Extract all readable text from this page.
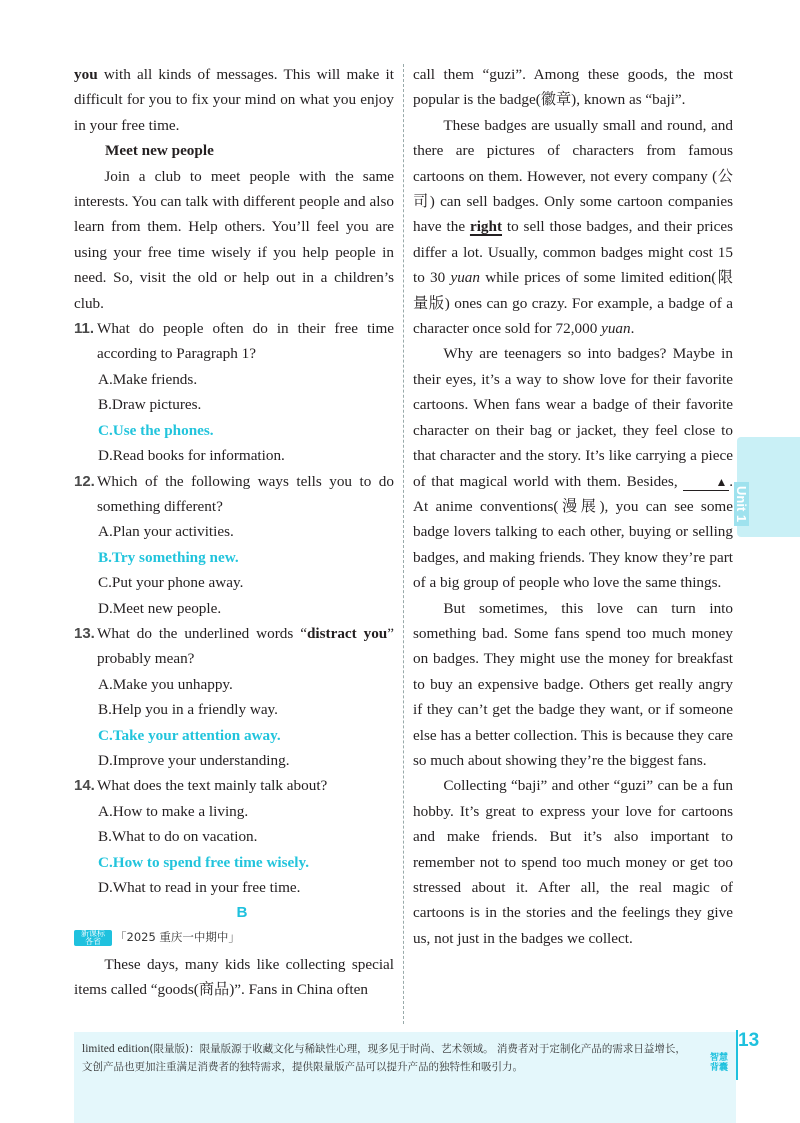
you with all kinds of messages. This will make it difficult for you to fix your mind on what you enjoy in your free time.

Meet new people

Join a club to meet people with the same interests. You can talk with different people and also learn from them. Help others. You’ll feel you are using your free time wisely if you help people in need. So, visit the old or help out in a children’s club.

11. What do people often do in their free time according to Paragraph 1?

A.Make friends.

B.Draw pictures.

C.Use the phones.

D.Read books for information.

12. Which of the following ways tells you to do something different?

A.Plan your activities.

B.Try something new.

C.Put your phone away.

D.Meet new people.

13. What do the underlined words “distract you” probably mean?

A.Make you unhappy.

B.Help you in a friendly way.

C.Take your attention away.

D.Improve your understanding.

14. What does the text mainly talk about?

A.How to make a living.

B.What to do on vacation.

C.How to spend free time wisely.

D.What to read in your free time.

B

新课标
各省	「2025 重庆一中期中」

These days, many kids like collecting special items called “goods(商品)”. Fans in China often

call them “guzi”. Among these goods, the most popular is the badge(徽章), known as “baji”.

These badges are usually small and round, and there are pictures of characters from famous cartoons on them. However, not every company (公司) can sell badges. Only some cartoon companies have the right to sell those badges, and their prices differ a lot. Usually, common badges might cost 15 to 30 yuan while prices of some limited edition(限量版) ones can go crazy. For example, a badge of a character once sold for 72,000 yuan.

Why are teenagers so into badges? Maybe in their eyes, it’s a way to show love for their favorite cartoons. When fans wear a badge of their favorite character on their bag or jacket, they feel close to that character and the story. It’s like carrying a piece of that magical world with them. Besides,	▲ . At anime conventions(漫展), you can see some badge lovers talking to each other, buying or selling badges, and making friends. They know they’re part of a big group of people who love the same things.

But sometimes, this love can turn into something bad. Some fans spend too much money on badges. They might use the money for breakfast to buy an expensive badge. Others get really angry if they can’t get the badge they want, or if someone else has a better collection. This is because they care so much about showing they’re the biggest fans.

Collecting “baji” and other “guzi” can be a fun hobby. It’s great to express your love for cartoons and make friends. But it’s also important to remember not to spend too much money or get too stressed about it. After all, the real magic of cartoons is in the stories and the feelings they give us, not just in the badges we collect.

Unit 1
limited edition(限量版)：限量版源于收藏文化与稀缺性心理，现多见于时尚、艺术领域。 消费者对于定制化产品的需求日益增长，文创产品也更加注重满足消费者的独特需求，提供限量版产品可以提升产品的独特性和吸引力。
13
智慧
背囊
